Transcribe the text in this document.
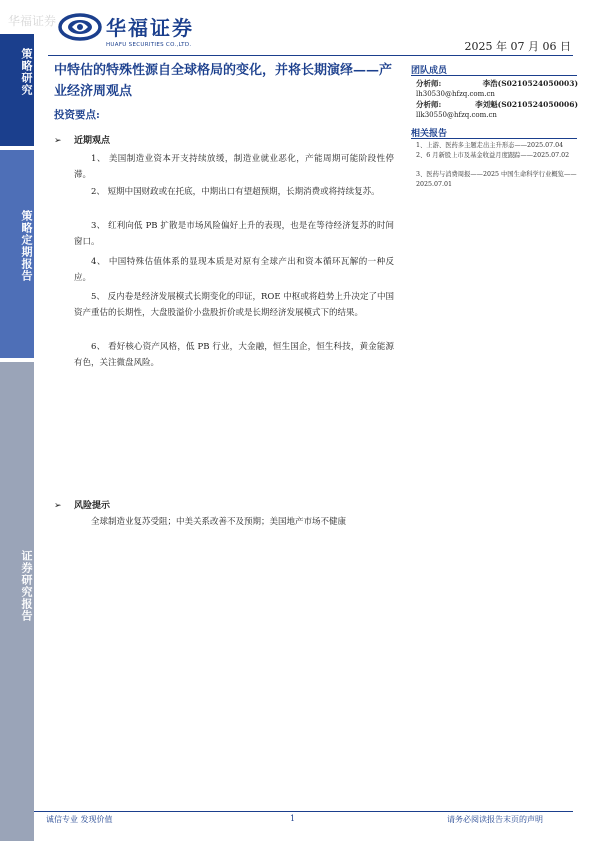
华福证券
策略研究
策略定期报告
证券研究报告
华福证券
HUAFU SECURITIES CO.,LTD.	2025 年 07 月 06 日
中特估的特殊性源自全球格局的变化，并将长期演绎——产业经济周观点
投资要点:
➢ 近期观点
1、 美国制造业资本开支持续放缓，制造业就业恶化，产能周期可能阶段性停滞。
2、 短期中国财政或在托底，中期出口有望超预期，长期消费或将持续复苏。
3、 红利向低 PB 扩散是市场风险偏好上升的表现，也是在等待经济复苏的时间窗口。
4、 中国特殊估值体系的显现本质是对原有全球产出和资本循环瓦解的一种反应。
5、 反内卷是经济发展模式长期变化的印证，ROE 中枢或将趋势上升决定了中国资产重估的长期性，大盘股溢价小盘股折价或是长期经济发展模式下的结果。
6、 看好核心资产风格，低 PB 行业，大金融，恒生国企，恒生科技，黄金能源有色，关注微盘风险。
➢ 风险提示
全球制造业复苏受阻；中美关系改善不及预期；美国地产市场不健康
团队成员
分析师:	李浩(S0210524050003)
lh30530@hfzq.com.cn
分析师:	李刘魁(S0210524050006)
llk30550@hfzq.com.cn
相关报告
1、上游、医药多主题走出主升形态——2025.07.04
2、6 月新股上市及基金收益月度跟踪——2025.07.02
3、医药与消费周报——2025 中国生命科学行业概览——2025.07.01
诚信专业 发现价值	1	请务必阅读报告末页的声明
